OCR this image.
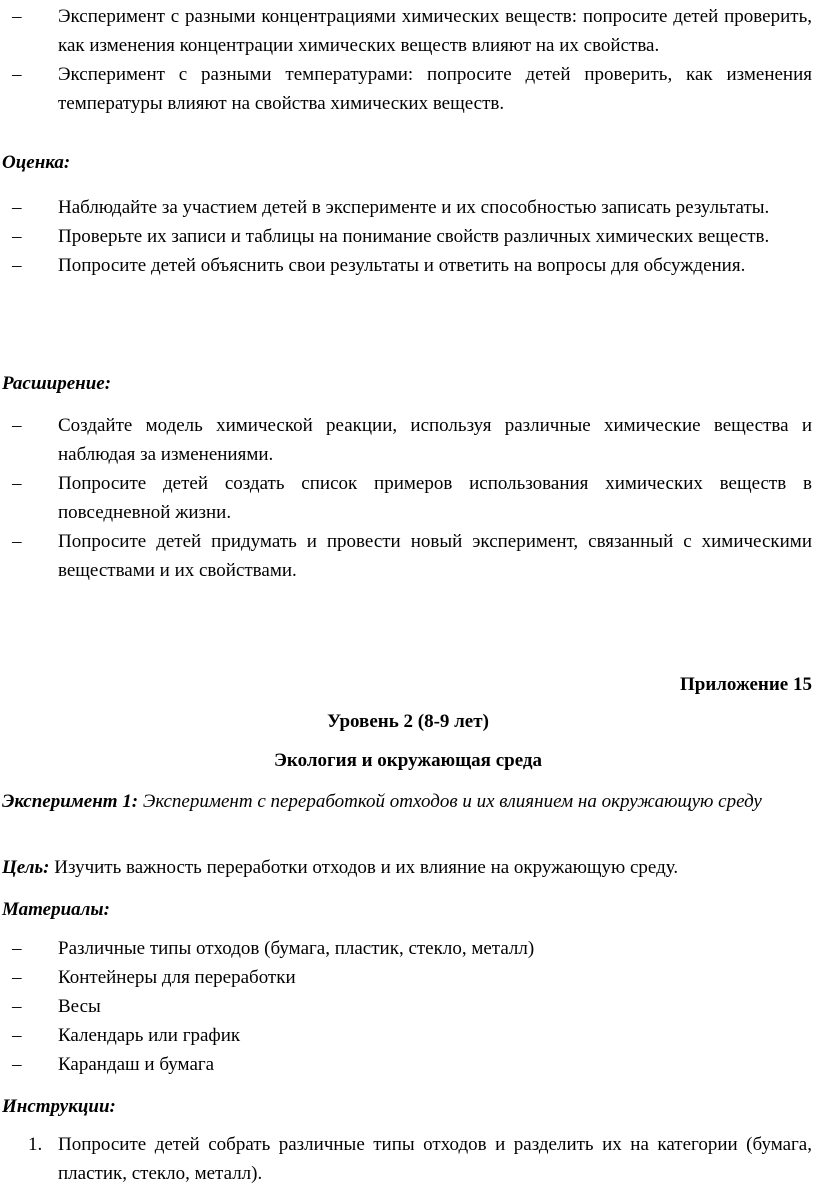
– Эксперимент с разными концентрациями химических веществ: попросите детей проверить, как изменения концентрации химических веществ влияют на их свойства.
– Эксперимент с разными температурами: попросите детей проверить, как изменения температуры влияют на свойства химических веществ.

Оценка:

– Наблюдайте за участием детей в эксперименте и их способностью записать результаты.
– Проверьте их записи и таблицы на понимание свойств различных химических веществ.
– Попросите детей объяснить свои результаты и ответить на вопросы для обсуждения.

Расширение:

– Создайте модель химической реакции, используя различные химические вещества и наблюдая за изменениями.
– Попросите детей создать список примеров использования химических веществ в повседневной жизни.
– Попросите детей придумать и провести новый эксперимент, связанный с химическими веществами и их свойствами.

Приложение 15

Уровень 2 (8-9 лет)

Экология и окружающая среда

Эксперимент 1: Эксперимент с переработкой отходов и их влиянием на окружающую среду

Цель: Изучить важность переработки отходов и их влияние на окружающую среду.

Материалы:

– Различные типы отходов (бумага, пластик, стекло, металл)
– Контейнеры для переработки
– Весы
– Календарь или график
– Карандаш и бумага

Инструкции:

1. Попросите детей собрать различные типы отходов и разделить их на категории (бумага, пластик, стекло, металл).
